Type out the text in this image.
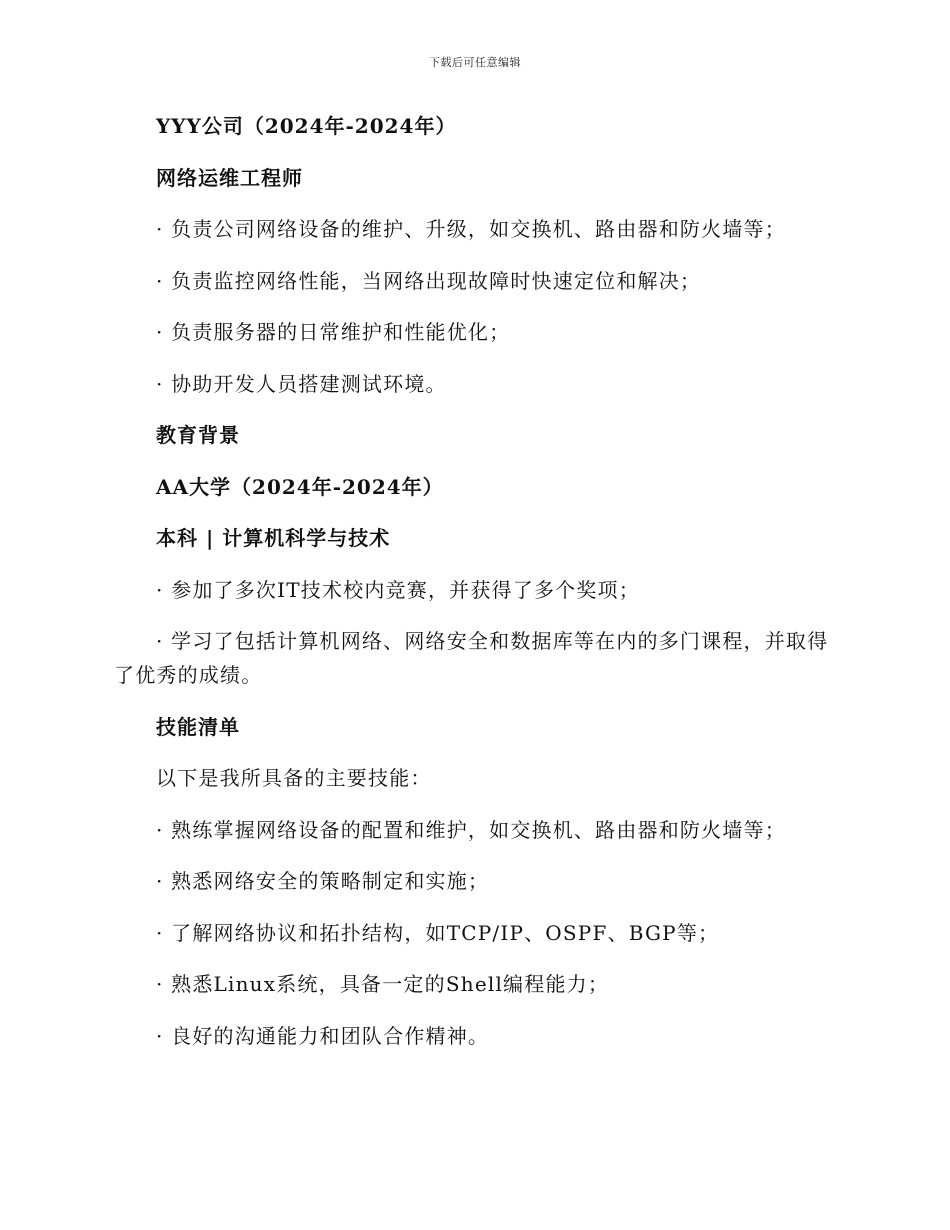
下载后可任意编辑
YYY公司（2024年-2024年）
网络运维工程师
· 负责公司网络设备的维护、升级，如交换机、路由器和防火墙等；
· 负责监控网络性能，当网络出现故障时快速定位和解决；
· 负责服务器的日常维护和性能优化；
· 协助开发人员搭建测试环境。
教育背景
AA大学（2024年-2024年）
本科 | 计算机科学与技术
· 参加了多次IT技术校内竞赛，并获得了多个奖项；
· 学习了包括计算机网络、网络安全和数据库等在内的多门课程，并取得了优秀的成绩。
技能清单
以下是我所具备的主要技能：
· 熟练掌握网络设备的配置和维护，如交换机、路由器和防火墙等；
· 熟悉网络安全的策略制定和实施；
· 了解网络协议和拓扑结构，如TCP/IP、OSPF、BGP等；
· 熟悉Linux系统，具备一定的Shell编程能力；
· 良好的沟通能力和团队合作精神。
